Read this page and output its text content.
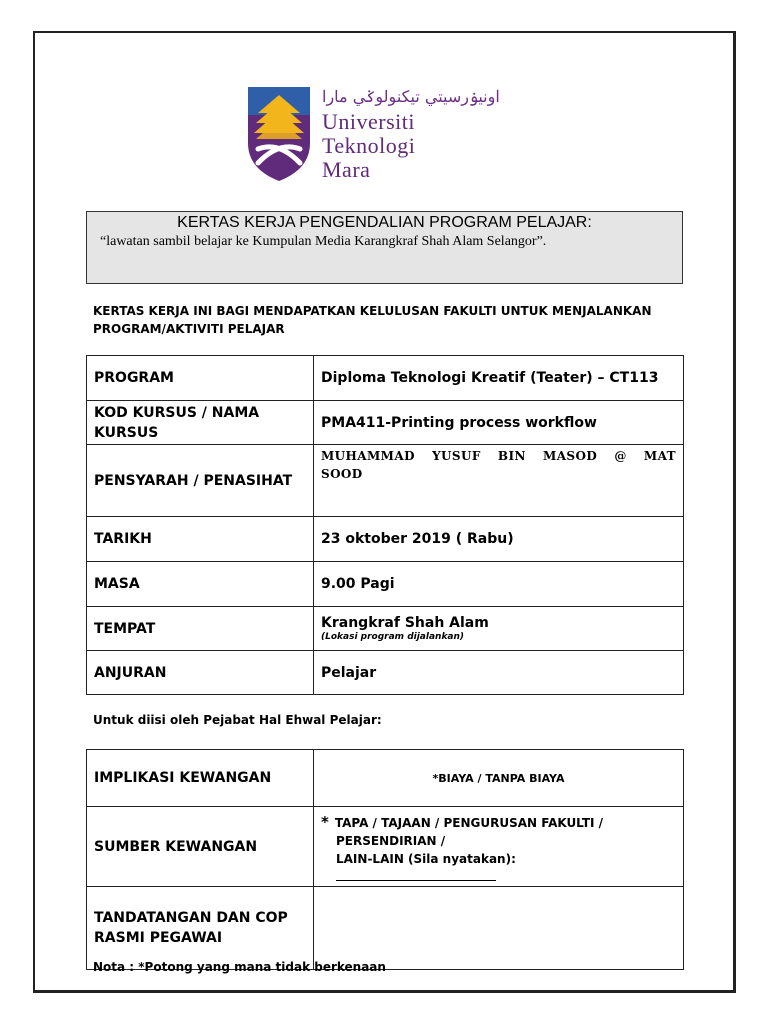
اونيۏرسيتي تيكنولوݢي مارا
Universiti
Teknologi
Mara
KERTAS KERJA PENGENDALIAN PROGRAM PELAJAR:
“lawatan sambil belajar ke Kumpulan Media Karangkraf Shah Alam Selangor”.
KERTAS KERJA INI BAGI MENDAPATKAN KELULUSAN FAKULTI UNTUK MENJALANKAN PROGRAM/AKTIVITI PELAJAR
PROGRAM	Diploma Teknologi Kreatif (Teater) – CT113
KOD KURSUS / NAMA KURSUS	PMA411-Printing process workflow
PENSYARAH / PENASIHAT	MUHAMMAD YUSUF BIN MASOD @ MAT SOOD
TARIKH	23 oktober 2019 ( Rabu)
MASA	9.00 Pagi
TEMPAT	Krangkraf Shah Alam
(Lokasi program dijalankan)

ANJURAN	Pelajar
Untuk diisi oleh Pejabat Hal Ehwal Pelajar:
IMPLIKASI KEWANGAN	*BIAYA / TANPA BIAYA
SUMBER KEWANGAN	* TAPA / TAJAAN / PENGURUSAN FAKULTI /
PERSENDIRIAN /
LAIN-LAIN (Sila nyatakan):

TANDATANGAN DAN COP RASMI PEGAWAI	
Nota : *Potong yang mana tidak berkenaan
